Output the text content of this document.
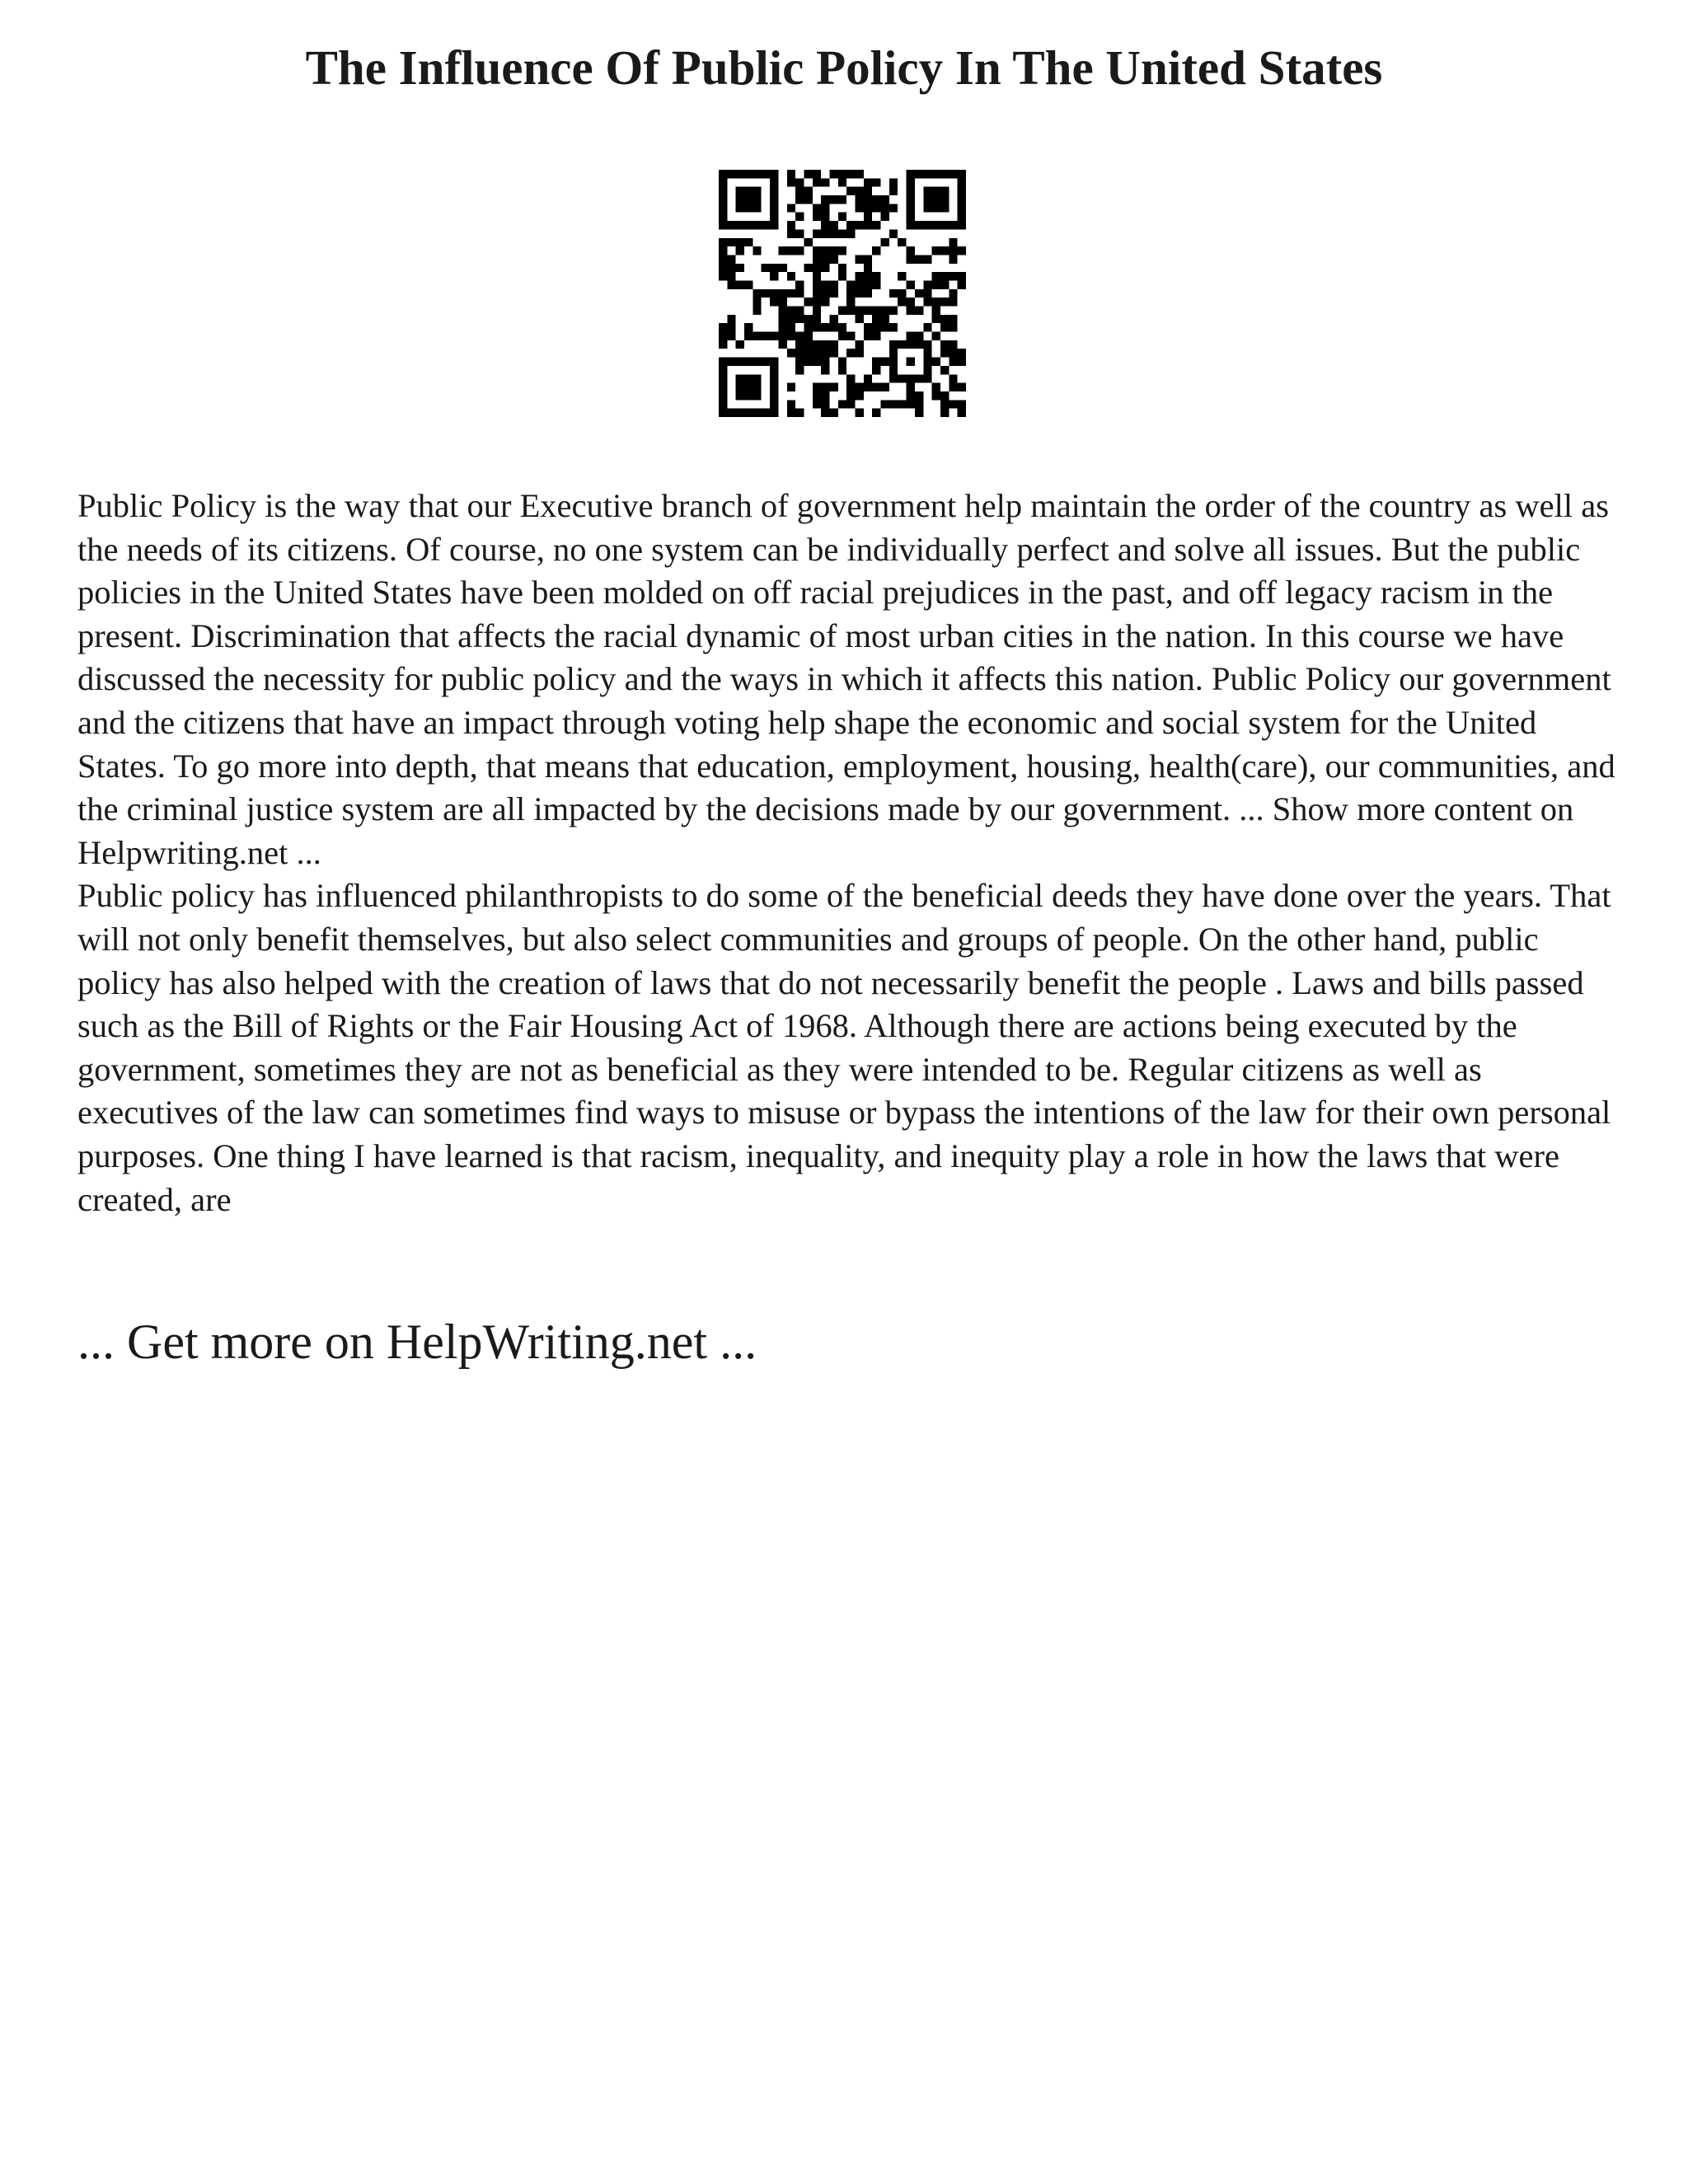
The Influence Of Public Policy In The United States

Public Policy is the way that our Executive branch of government help maintain the order of the country as well as the needs of its citizens. Of course, no one system can be individually perfect and solve all issues. But the public policies in the United States have been molded on off racial prejudices in the past, and off legacy racism in the present. Discrimination that affects the racial dynamic of most urban cities in the nation. In this course we have discussed the necessity for public policy and the ways in which it affects this nation. Public Policy our government and the citizens that have an impact through voting help shape the economic and social system for the United States. To go more into depth, that means that education, employment, housing, health(care), our communities, and the criminal justice system are all impacted by the decisions made by our government. ... Show more content on Helpwriting.net ...

Public policy has influenced philanthropists to do some of the beneficial deeds they have done over the years. That will not only benefit themselves, but also select communities and groups of people. On the other hand, public policy has also helped with the creation of laws that do not necessarily benefit the people . Laws and bills passed such as the Bill of Rights or the Fair Housing Act of 1968. Although there are actions being executed by the government, sometimes they are not as beneficial as they were intended to be. Regular citizens as well as executives of the law can sometimes find ways to misuse or bypass the intentions of the law for their own personal purposes. One thing I have learned is that racism, inequality, and inequity play a role in how the laws that were created, are

... Get more on HelpWriting.net ...
